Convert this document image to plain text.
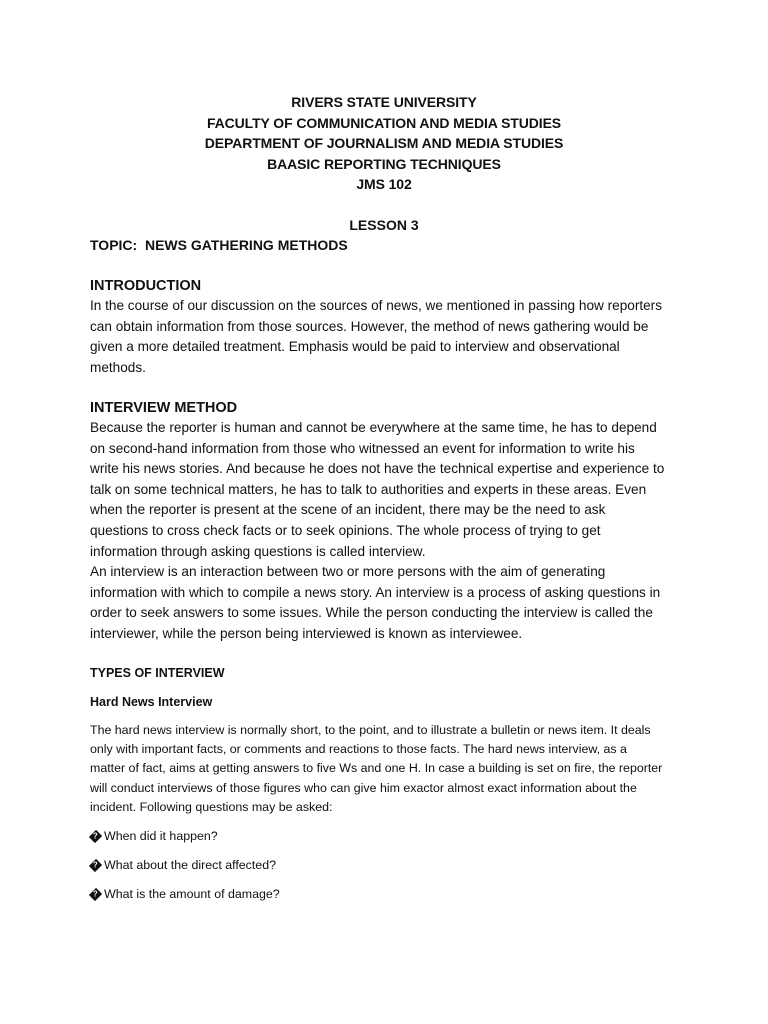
RIVERS STATE UNIVERSITY
FACULTY OF COMMUNICATION AND MEDIA STUDIES
DEPARTMENT OF JOURNALISM AND MEDIA STUDIES
BAASIC REPORTING TECHNIQUES
JMS 102
LESSON 3
TOPIC:  NEWS GATHERING METHODS
INTRODUCTION
In the course of our discussion on the sources of news, we mentioned in passing how reporters
can obtain information from those sources. However, the method of news gathering would be
given a more detailed treatment. Emphasis would be paid to interview and observational
methods.
INTERVIEW METHOD
Because the reporter is human and cannot be everywhere at the same time, he has to depend
on second-hand information from those who witnessed an event for information to write his
write his news stories. And because he does not have the technical expertise and experience to
talk on some technical matters, he has to talk to authorities and experts in these areas. Even
when the reporter is present at the scene of an incident, there may be the need to ask
questions to cross check facts or to seek opinions. The whole process of trying to get
information through asking questions is called interview.
An interview is an interaction between two or more persons with the aim of generating
information with which to compile a news story. An interview is a process of asking questions in
order to seek answers to some issues. While the person conducting the interview is called the
interviewer, while the person being interviewed is known as interviewee.
TYPES OF INTERVIEW
Hard News Interview
The hard news interview is normally short, to the point, and to illustrate a bulletin or news item. It deals
only with important facts, or comments and reactions to those facts. The hard news interview, as a
matter of fact, aims at getting answers to five Ws and one H. In case a building is set on fire, the reporter
will conduct interviews of those figures who can give him exactor almost exact information about the
incident. Following questions may be asked:
?
When did it happen?
?
What about the direct affected?
?
What is the amount of damage?
